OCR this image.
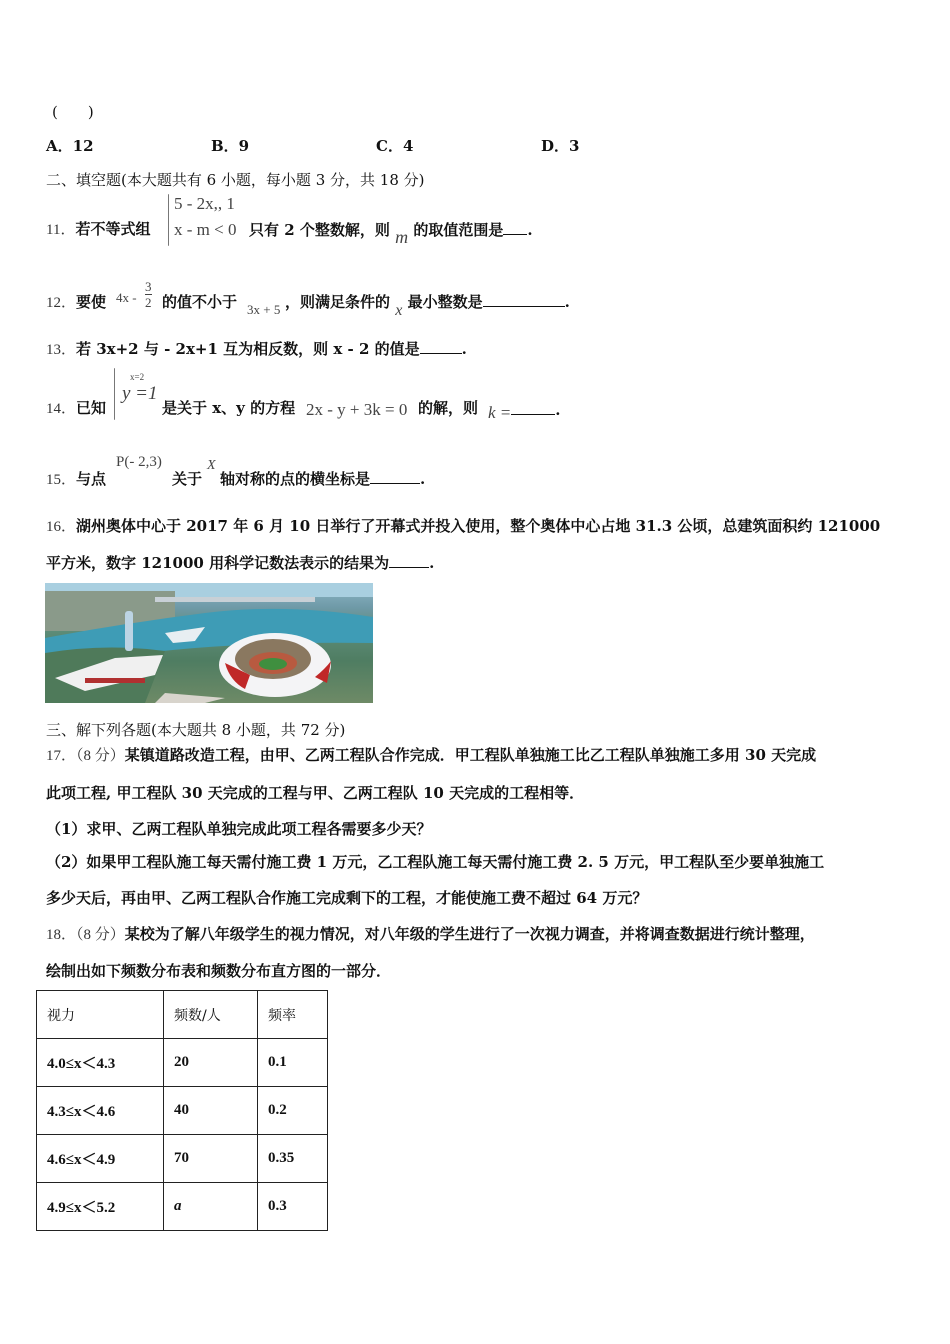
(　　)
A．12	B．9	C．4	D．3
二、填空题(本大题共有 6 小题，每小题 3 分，共 18 分)
11．若不等式组
5 - 2x,, 1
x - m < 0 只有 2 个整数解，则 m 的取值范围是 .
12．要使 4x -
3
2 的值不小于 3x + 5 ，则满足条件的 x 最小整数是	.
13．若 3x+2 与 - 2x+1 互为相反数，则 x - 2 的值是	.
14．已知
x=2
y =1
是关于 x、y 的方程 2x - y + 3k = 0 的解，则 k =	.
15．与点
P(- 2,3)
关于
X
轴对称的点的横坐标是	.
16．湖州奥体中心于 2017 年 6 月 10 日举行了开幕式并投入使用，整个奥体中心占地 31.3 公顷，总建筑面积约 121000
平方米，数字 121000 用科学记数法表示的结果为	.
三、解下列各题(本大题共 8 小题，共 72 分)
17．（8 分）某镇道路改造工程，由甲、乙两工程队合作完成．甲工程队单独施工比乙工程队单独施工多用 30 天完成
此项工程, 甲工程队 30 天完成的工程与甲、乙两工程队 10 天完成的工程相等．
（1）求甲、乙两工程队单独完成此项工程各需要多少天？
（2）如果甲工程队施工每天需付施工费 1 万元，乙工程队施工每天需付施工费 2. 5 万元，甲工程队至少要单独施工
多少天后，再由甲、乙两工程队合作施工完成剩下的工程，才能使施工费不超过 64 万元？
18．（8 分）某校为了解八年级学生的视力情况，对八年级的学生进行了一次视力调查，并将调查数据进行统计整理，
绘制出如下频数分布表和频数分布直方图的一部分．
视力	频数/人	频率
4.0≤x＜4.3	20	0.1
4.3≤x＜4.6	40	0.2
4.6≤x＜4.9	70	0.35
4.9≤x＜5.2	a	0.3
